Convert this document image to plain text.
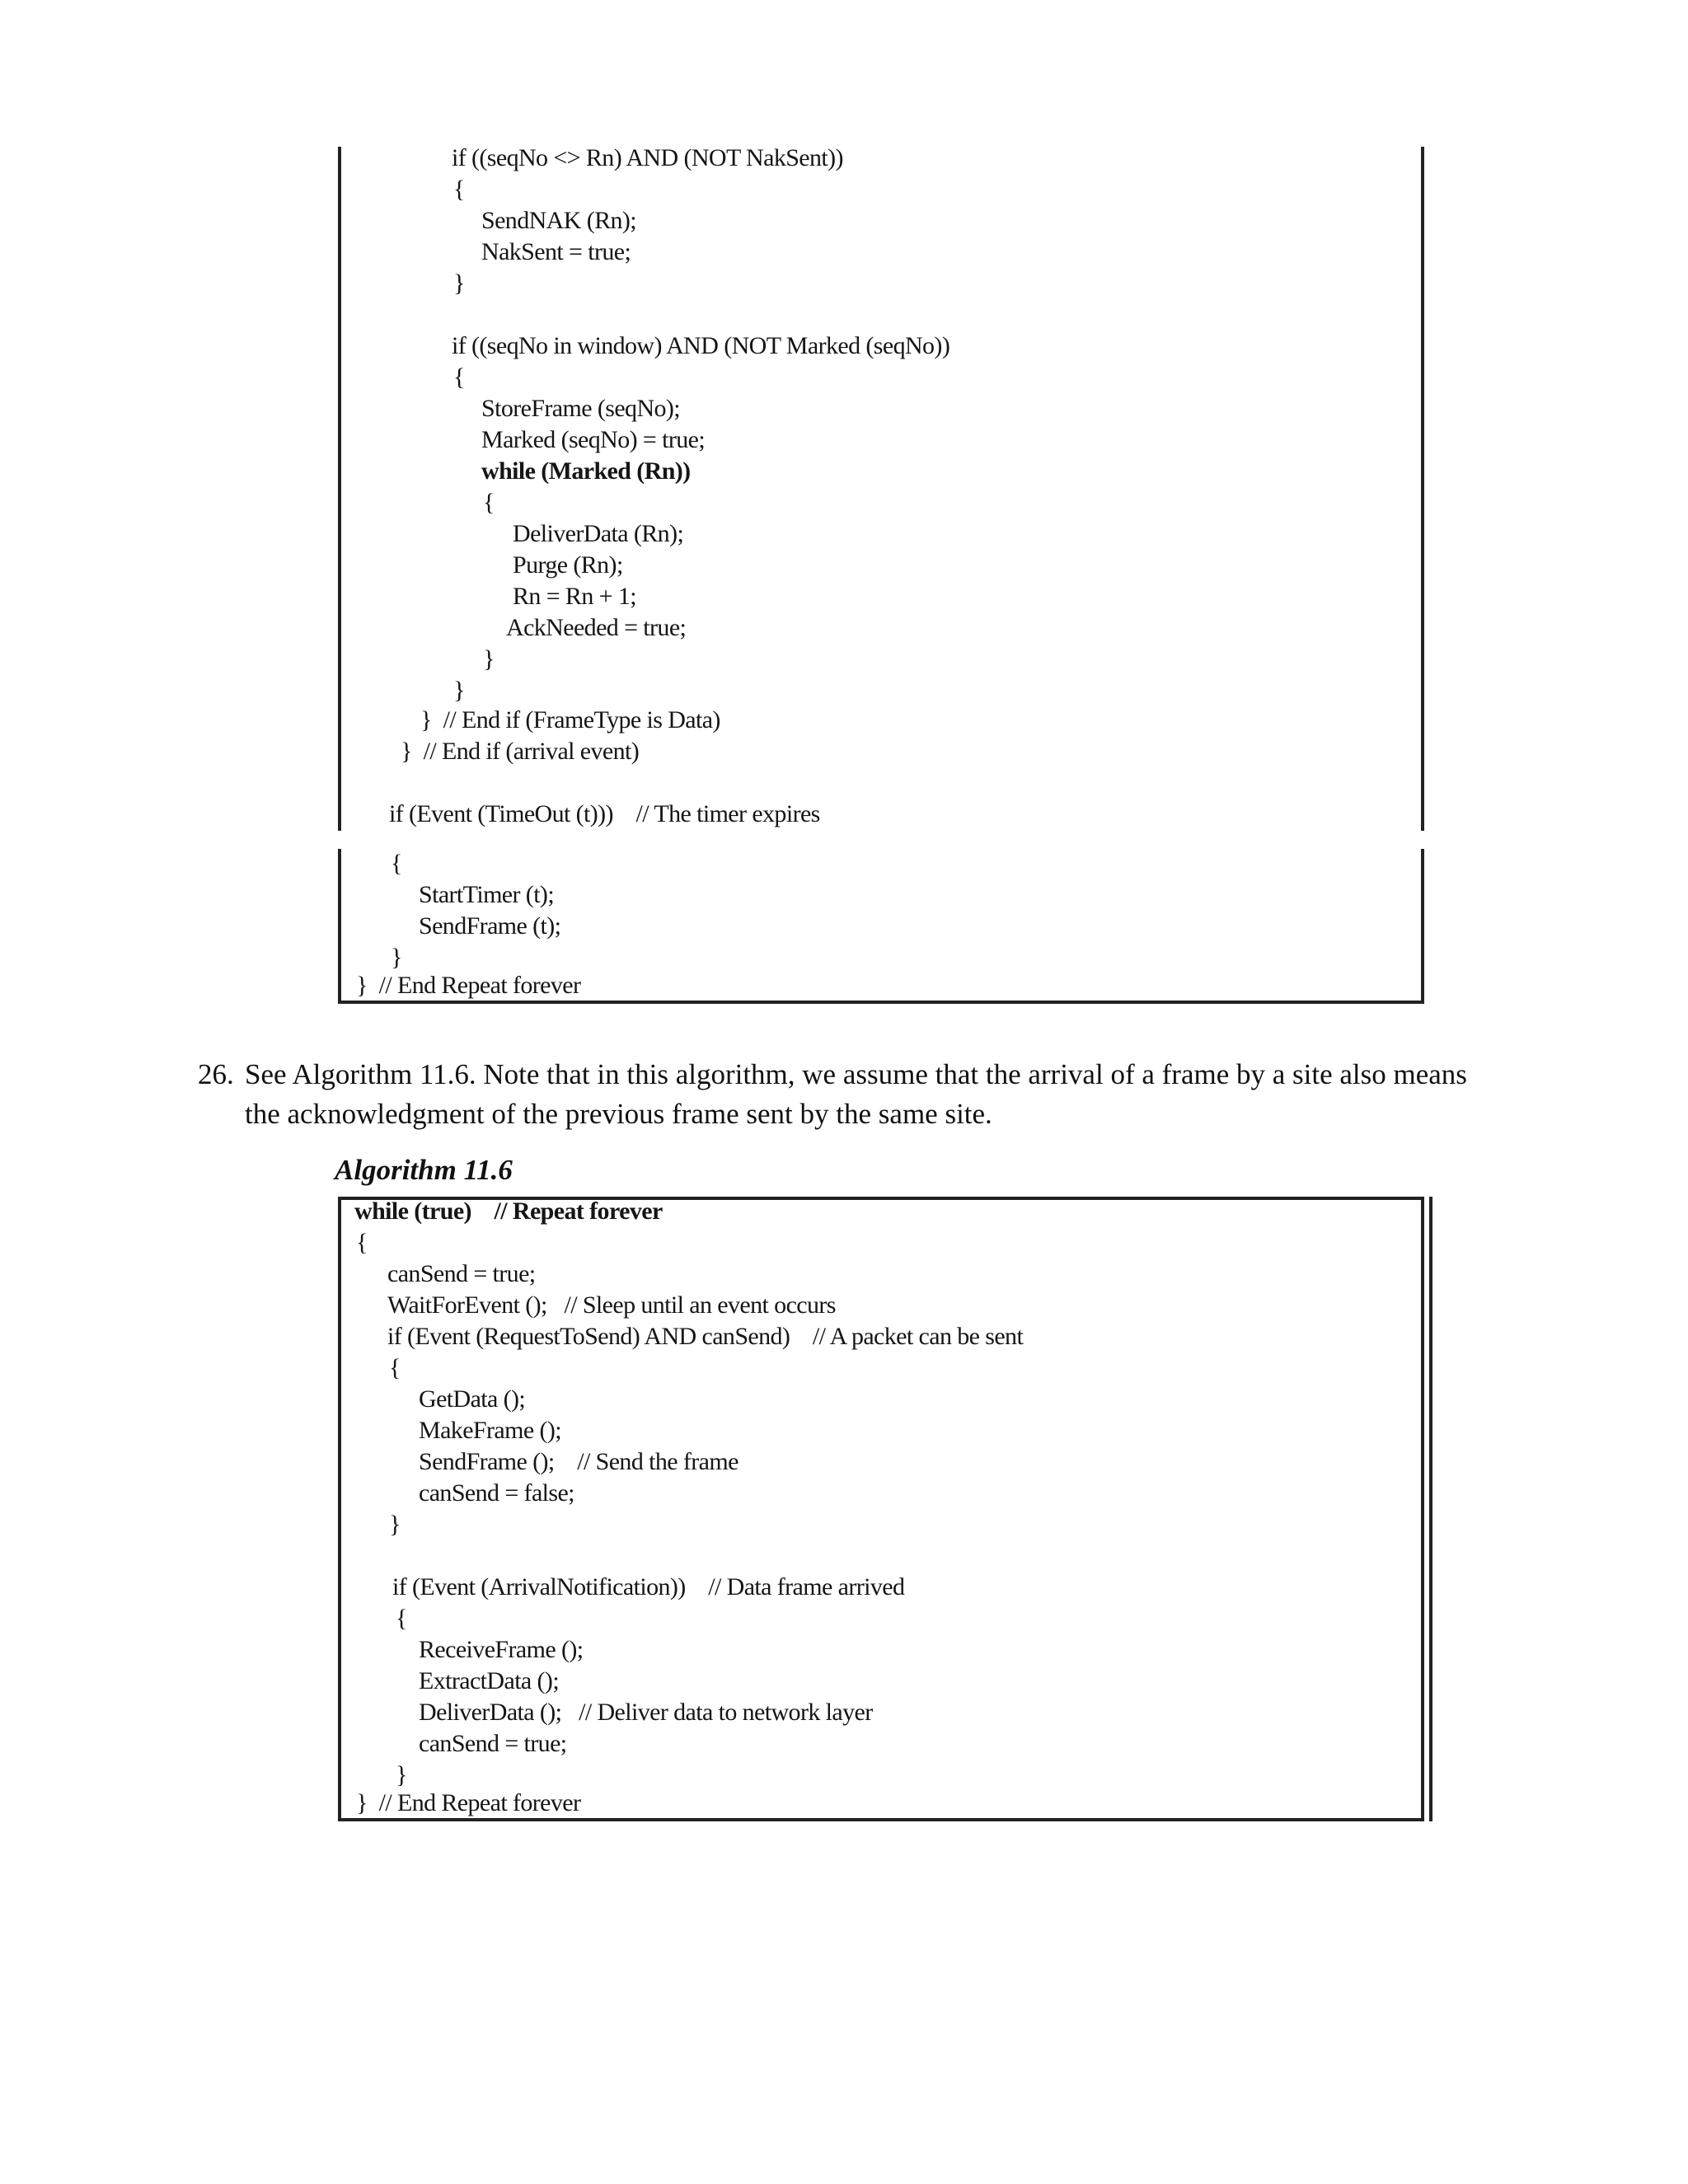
if ((seqNo <> Rn) AND (NOT NakSent))
{
SendNAK (Rn);
NakSent = true;
}
if ((seqNo in window) AND (NOT Marked (seqNo))
{
StoreFrame (seqNo);
Marked (seqNo) = true;
while (Marked (Rn))
{
DeliverData (Rn);
Purge (Rn);
Rn = Rn + 1;
AckNeeded = true;
}
}
}  // End if (FrameType is Data)
}  // End if (arrival event)
if (Event (TimeOut (t)))    // The timer expires
{
StartTimer (t);
SendFrame (t);
}
}  // End Repeat forever
26. See Algorithm 11.6. Note that in this algorithm, we assume that the arrival of a frame by a site also means
the acknowledgment of the previous frame sent by the same site.
Algorithm 11.6
while (true)    // Repeat forever
{
canSend = true;
WaitForEvent ();   // Sleep until an event occurs
if (Event (RequestToSend) AND canSend)    // A packet can be sent
{
GetData ();
MakeFrame ();
SendFrame ();    // Send the frame
canSend = false;
}
if (Event (ArrivalNotification))    // Data frame arrived
{
ReceiveFrame ();
ExtractData ();
DeliverData ();   // Deliver data to network layer
canSend = true;
}
}  // End Repeat forever
